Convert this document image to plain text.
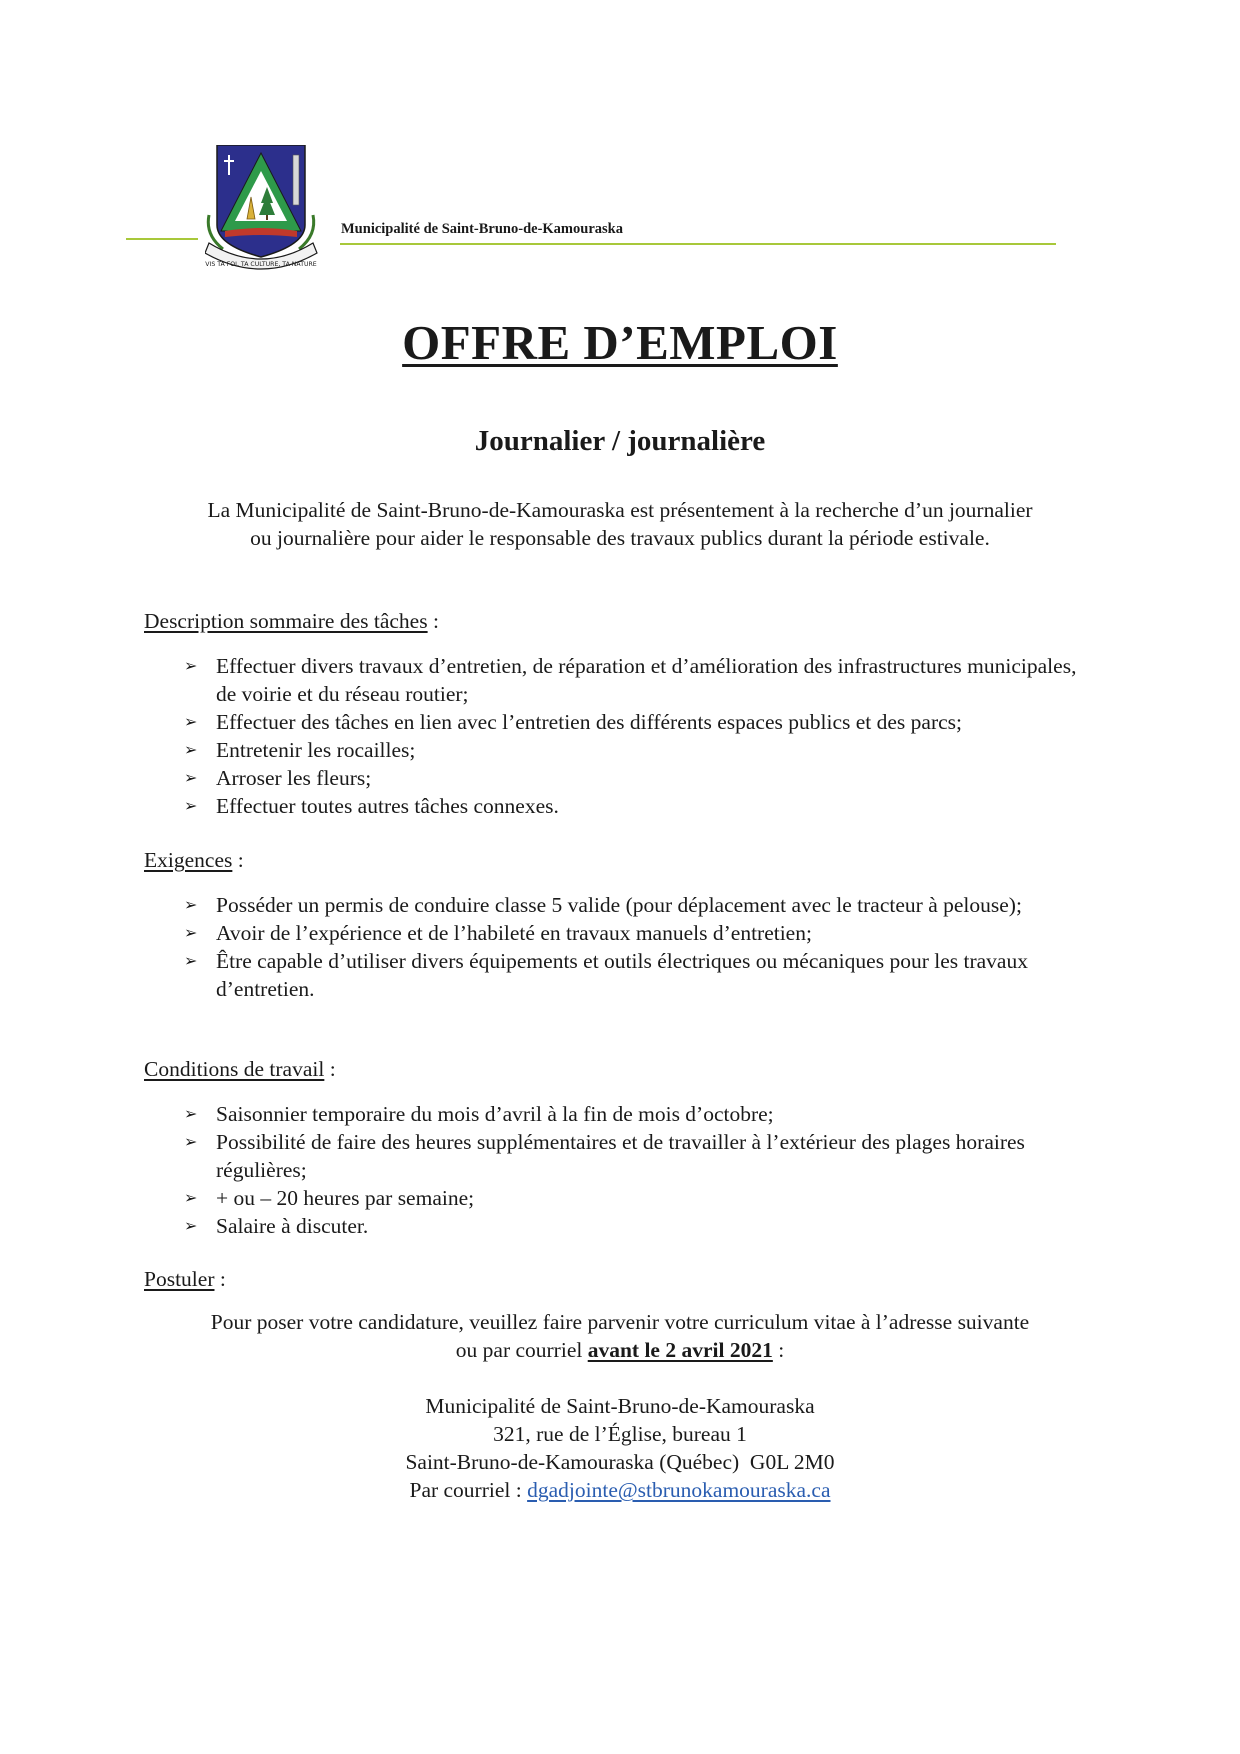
VIS TA FOI, TA CULTURE, TA NATURE
Municipalité de Saint-Bruno-de-Kamouraska
OFFRE D’EMPLOI
Journalier / journalière
La Municipalité de Saint-Bruno-de-Kamouraska est présentement à la recherche d’un journalier
ou journalière pour aider le responsable des travaux publics durant la période estivale.
Description sommaire des tâches :
➢ Effectuer divers travaux d’entretien, de réparation et d’amélioration des infrastructures municipales, de voirie et du réseau routier;
➢ Effectuer des tâches en lien avec l’entretien des différents espaces publics et des parcs;
➢ Entretenir les rocailles;
➢ Arroser les fleurs;
➢ Effectuer toutes autres tâches connexes.
Exigences :
➢ Posséder un permis de conduire classe 5 valide (pour déplacement avec le tracteur à pelouse);
➢ Avoir de l’expérience et de l’habileté en travaux manuels d’entretien;
➢ Être capable d’utiliser divers équipements et outils électriques ou mécaniques pour les travaux d’entretien.
Conditions de travail :
➢ Saisonnier temporaire du mois d’avril à la fin de mois d’octobre;
➢ Possibilité de faire des heures supplémentaires et de travailler à l’extérieur des plages horaires régulières;
➢ + ou – 20 heures par semaine;
➢ Salaire à discuter.
Postuler :
Pour poser votre candidature, veuillez faire parvenir votre curriculum vitae à l’adresse suivante
ou par courriel avant le 2 avril 2021 :
Municipalité de Saint-Bruno-de-Kamouraska
321, rue de l’Église, bureau 1
Saint-Bruno-de-Kamouraska (Québec)  G0L 2M0
Par courriel : dgadjointe@stbrunokamouraska.ca
